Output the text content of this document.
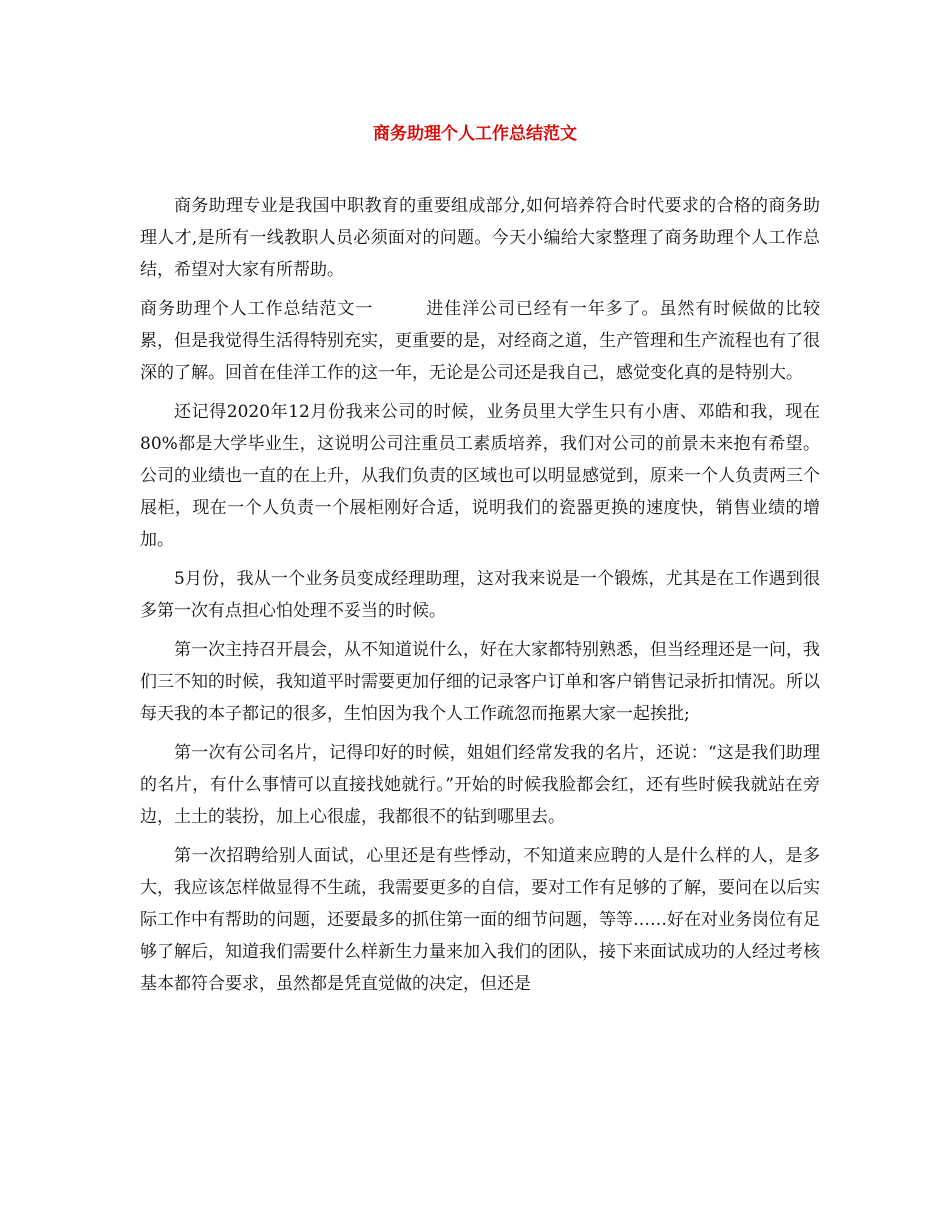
商务助理个人工作总结范文

商务助理专业是我国中职教育的重要组成部分,如何培养符合时代要求的合格的商务助理人才,是所有一线教职人员必须面对的问题。今天小编给大家整理了商务助理个人工作总结，希望对大家有所帮助。

商务助理个人工作总结范文一	进佳洋公司已经有一年多了。虽然有时候做的比较累，但是我觉得生活得特别充实，更重要的是，对经商之道，生产管理和生产流程也有了很深的了解。回首在佳洋工作的这一年，无论是公司还是我自己，感觉变化真的是特别大。

还记得2020年12月份我来公司的时候，业务员里大学生只有小唐、邓皓和我，现在80%都是大学毕业生，这说明公司注重员工素质培养，我们对公司的前景未来抱有希望。公司的业绩也一直的在上升，从我们负责的区域也可以明显感觉到，原来一个人负责两三个展柜，现在一个人负责一个展柜刚好合适，说明我们的瓷器更换的速度快，销售业绩的增加。

5月份，我从一个业务员变成经理助理，这对我来说是一个锻炼，尤其是在工作遇到很多第一次有点担心怕处理不妥当的时候。

第一次主持召开晨会，从不知道说什么，好在大家都特别熟悉，但当经理还是一问，我们三不知的时候，我知道平时需要更加仔细的记录客户订单和客户销售记录折扣情况。所以每天我的本子都记的很多，生怕因为我个人工作疏忽而拖累大家一起挨批;

第一次有公司名片，记得印好的时候，姐姐们经常发我的名片，还说：“这是我们助理的名片，有什么事情可以直接找她就行。”开始的时候我脸都会红，还有些时候我就站在旁边，土土的装扮，加上心很虚，我都很不的钻到哪里去。

第一次招聘给别人面试，心里还是有些悸动，不知道来应聘的人是什么样的人，是多大，我应该怎样做显得不生疏，我需要更多的自信，要对工作有足够的了解，要问在以后实际工作中有帮助的问题，还要最多的抓住第一面的细节问题，等等……好在对业务岗位有足够了解后，知道我们需要什么样新生力量来加入我们的团队，接下来面试成功的人经过考核基本都符合要求，虽然都是凭直觉做的决定，但还是
